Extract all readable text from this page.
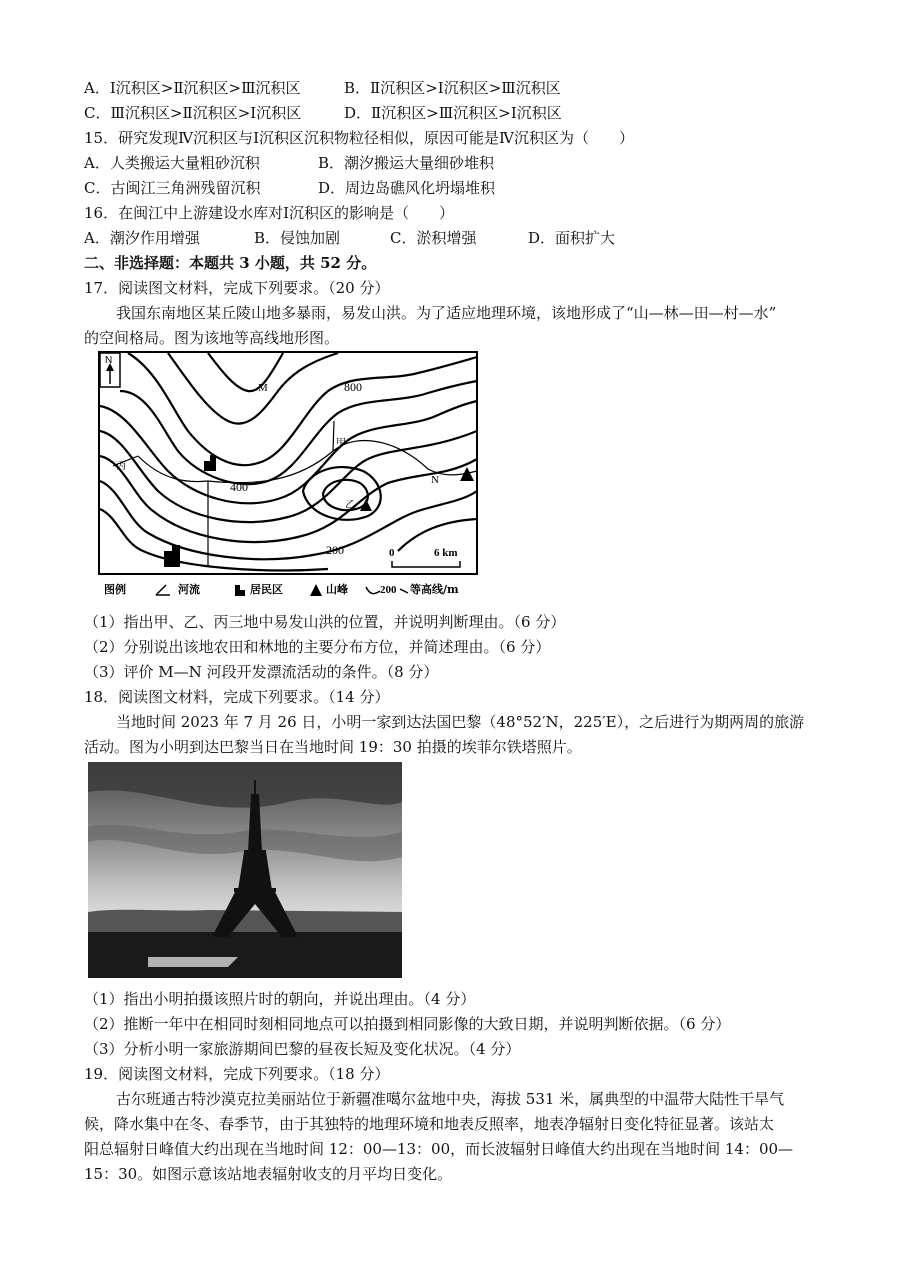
A．Ⅰ沉积区>Ⅱ沉积区>Ⅲ沉积区	B．Ⅱ沉积区>Ⅰ沉积区>Ⅲ沉积区
C．Ⅲ沉积区>Ⅱ沉积区>Ⅰ沉积区	D．Ⅱ沉积区>Ⅲ沉积区>Ⅰ沉积区
15．研究发现Ⅳ沉积区与Ⅰ沉积区沉积物粒径相似，原因可能是Ⅳ沉积区为（　　）
A．人类搬运大量粗砂沉积	B．潮汐搬运大量细砂堆积
C．古闽江三角洲残留沉积	D．周边岛礁风化坍塌堆积
16．在闽江中上游建设水库对Ⅰ沉积区的影响是（　　）
A．潮汐作用增强	B．侵蚀加剧	C．淤积增强	D．面积扩大
二、非选择题：本题共 3 小题，共 52 分。
17．阅读图文材料，完成下列要求。（20 分）
我国东南地区某丘陵山地多暴雨，易发山洪。为了适应地理环境，该地形成了“山—林—田—村—水”
的空间格局。图为该地等高线地形图。
N
M
N
甲
乙
丙
800
400
200	0	6 km
图例	河流	居民区	山峰	200 等高线/m
（1）指出甲、乙、丙三地中易发山洪的位置，并说明判断理由。（6 分）
（2）分别说出该地农田和林地的主要分布方位，并简述理由。（6 分）
（3）评价 M—N 河段开发漂流活动的条件。（8 分）
18．阅读图文材料，完成下列要求。（14 分）
当地时间 2023 年 7 月 26 日，小明一家到达法国巴黎（48°52′N，225′E），之后进行为期两周的旅游
活动。图为小明到达巴黎当日在当地时间 19：30 拍摄的埃菲尔铁塔照片。
（1）指出小明拍摄该照片时的朝向，并说出理由。（4 分）
（2）推断一年中在相同时刻相同地点可以拍摄到相同影像的大致日期，并说明判断依据。（6 分）
（3）分析小明一家旅游期间巴黎的昼夜长短及变化状况。（4 分）
19．阅读图文材料，完成下列要求。（18 分）
古尔班通古特沙漠克拉美丽站位于新疆准噶尔盆地中央，海拔 531 米，属典型的中温带大陆性干旱气
候，降水集中在冬、春季节，由于其独特的地理环境和地表反照率，地表净辐射日变化特征显著。该站太
阳总辐射日峰值大约出现在当地时间 12：00—13：00，而长波辐射日峰值大约出现在当地时间 14：00—
15：30。如图示意该站地表辐射收支的月平均日变化。
